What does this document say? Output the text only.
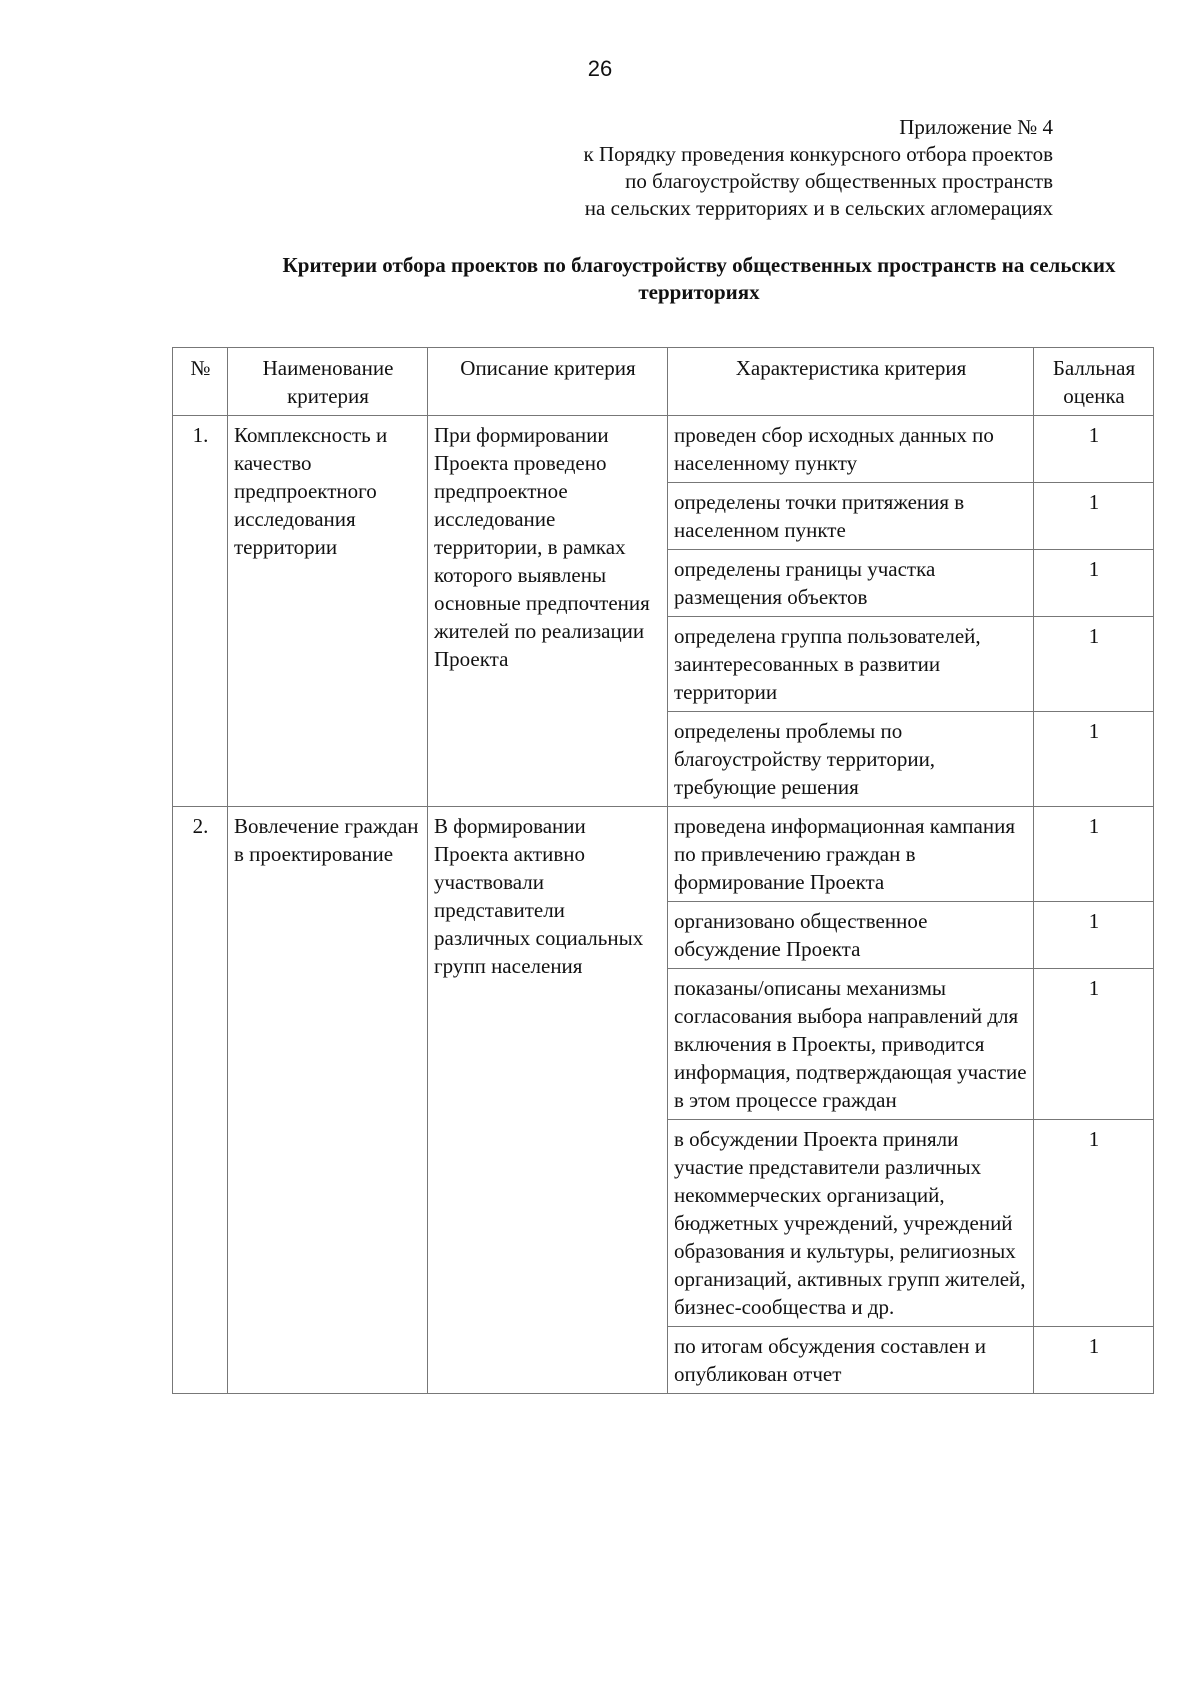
26
Приложение № 4
к Порядку проведения конкурсного отбора проектов
по благоустройству общественных пространств
на сельских территориях и в сельских агломерациях
Критерии отбора проектов по благоустройству общественных пространств на сельских территориях
№	Наименование критерия	Описание критерия	Характеристика критерия	Балльная оценка
1.	Комплексность и качество предпроектного исследования территории	При формировании Проекта проведено предпроектное исследование территории, в рамках которого выявлены основные предпочтения жителей по реализации Проекта	проведен сбор исходных данных по населенному пункту	1
			определены точки притяжения в населенном пункте	1
			определены границы участка размещения объектов	1
			определена группа пользователей, заинтересованных в развитии территории	1
			определены проблемы по благоустройству территории, требующие решения	1
2.	Вовлечение граждан в проектирование	В формировании Проекта активно участвовали представители различных социальных групп населения	проведена информационная кампания по привлечению граждан в формирование Проекта	1
			организовано общественное обсуждение Проекта	1
			показаны/описаны механизмы согласования выбора направлений для включения в Проекты, приводится информация, подтверждающая участие в этом процессе граждан	1
			в обсуждении Проекта приняли участие представители различных некоммерческих организаций, бюджетных учреждений, учреждений образования и культуры, религиозных организаций, активных групп жителей, бизнес-сообщества и др.	1
			по итогам обсуждения составлен и опубликован отчет	1
